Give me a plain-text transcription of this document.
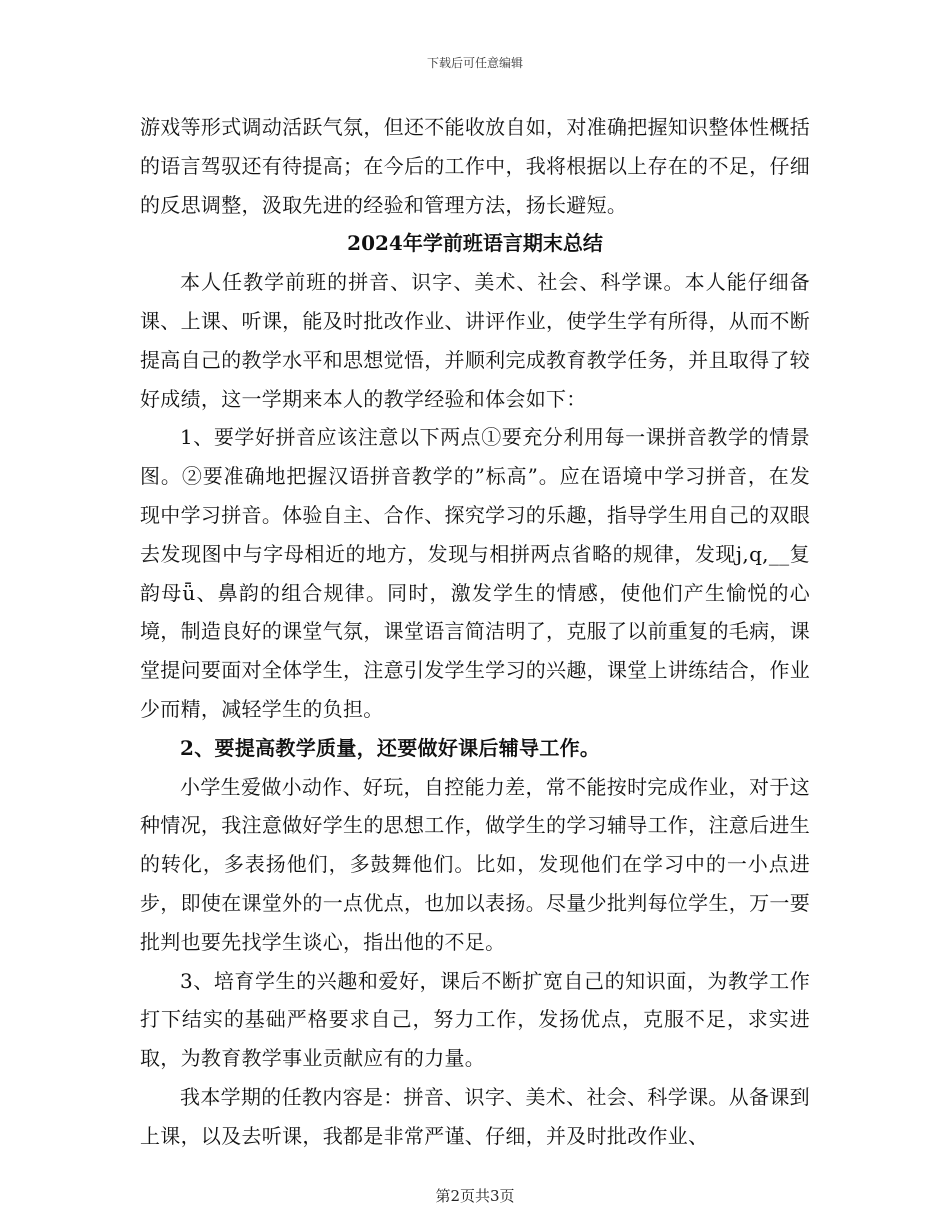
下载后可任意编辑

游戏等形式调动活跃气氛，但还不能收放自如，对准确把握知识整体性概括的语言驾驭还有待提高；在今后的工作中，我将根据以上存在的不足，仔细的反思调整，汲取先进的经验和管理方法，扬长避短。

2024年学前班语言期末总结

本人任教学前班的拼音、识字、美术、社会、科学课。本人能仔细备课、上课、听课，能及时批改作业、讲评作业，使学生学有所得，从而不断提高自己的教学水平和思想觉悟，并顺利完成教育教学任务，并且取得了较好成绩，这一学期来本人的教学经验和体会如下：

1、要学好拼音应该注意以下两点①要充分利用每一课拼音教学的情景图。②要准确地把握汉语拼音教学的”标高”。应在语境中学习拼音，在发现中学习拼音。体验自主、合作、探究学习的乐趣，指导学生用自己的双眼去发现图中与字母相近的地方，发现与相拼两点省略的规律，发现j,q,__复韵母ǖ、鼻韵的组合规律。同时，激发学生的情感，使他们产生愉悦的心境，制造良好的课堂气氛，课堂语言简洁明了，克服了以前重复的毛病，课堂提问要面对全体学生，注意引发学生学习的兴趣，课堂上讲练结合，作业少而精，减轻学生的负担。

2、要提高教学质量，还要做好课后辅导工作。

小学生爱做小动作、好玩，自控能力差，常不能按时完成作业，对于这种情况，我注意做好学生的思想工作，做学生的学习辅导工作，注意后进生的转化，多表扬他们，多鼓舞他们。比如，发现他们在学习中的一小点进步，即使在课堂外的一点优点，也加以表扬。尽量少批判每位学生，万一要批判也要先找学生谈心，指出他的不足。

3、培育学生的兴趣和爱好，课后不断扩宽自己的知识面，为教学工作打下结实的基础严格要求自己，努力工作，发扬优点，克服不足，求实进取，为教育教学事业贡献应有的力量。

我本学期的任教内容是：拼音、识字、美术、社会、科学课。从备课到上课，以及去听课，我都是非常严谨、仔细，并及时批改作业、

第2页共3页
